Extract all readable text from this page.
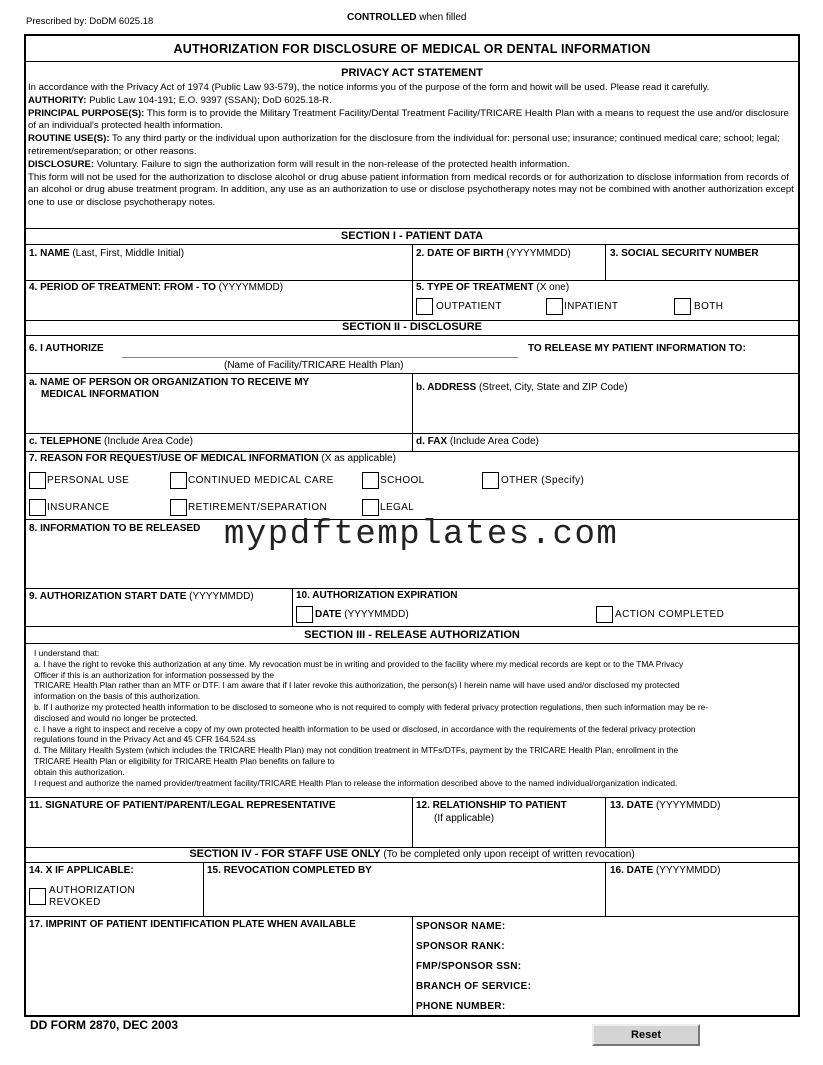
Prescribed by: DoDM 6025.18	CONTROLLED when filled
AUTHORIZATION FOR DISCLOSURE OF MEDICAL OR DENTAL INFORMATION
PRIVACY ACT STATEMENT

In accordance with the Privacy Act of 1974 (Public Law 93-579), the notice informs you of the purpose of the form and howit will be used. Please read it carefully.

AUTHORITY: Public Law 104-191; E.O. 9397 (SSAN); DoD 6025.18-R.

PRINCIPAL PURPOSE(S): This form is to provide the Military Treatment Facility/Dental Treatment Facility/TRICARE Health Plan with a means to request the use and/or disclosure of an individual's protected health information.

ROUTINE USE(S): To any third party or the individual upon authorization for the disclosure from the individual for: personal use; insurance; continued medical care; school; legal; retirement/separation; or other reasons.

DISCLOSURE: Voluntary. Failure to sign the authorization form will result in the non-release of the protected health information.

This form will not be used for the authorization to disclose alcohol or drug abuse patient information from medical records or for authorization to disclose information from records of an alcohol or drug abuse treatment program. In addition, any use as an authorization to use or disclose psychotherapy notes may not be combined with another authorization except one to use or disclose psychotherapy notes.

SECTION I - PATIENT DATA
1. NAME (Last, First, Middle Initial)	2. DATE OF BIRTH (YYYYMMDD)	3. SOCIAL SECURITY NUMBER
4. PERIOD OF TREATMENT: FROM - TO (YYYYMMDD)	5. TYPE OF TREATMENT (X one)
OUTPATIENT	INPATIENT	BOTH
SECTION II - DISCLOSURE
6. I AUTHORIZE	TO RELEASE MY PATIENT INFORMATION TO:
(Name of Facility/TRICARE Health Plan)
a. NAME OF PERSON OR ORGANIZATION TO RECEIVE MY
MEDICAL INFORMATION
b. ADDRESS (Street, City, State and ZIP Code)
c. TELEPHONE (Include Area Code)	d. FAX (Include Area Code)
7. REASON FOR REQUEST/USE OF MEDICAL INFORMATION (X as applicable)
PERSONAL USE	CONTINUED MEDICAL CARE	SCHOOL	OTHER (Specify)
INSURANCE	RETIREMENT/SEPARATION	LEGAL
8. INFORMATION TO BE RELEASED mypdftemplates.com
9. AUTHORIZATION START DATE (YYYYMMDD)	10. AUTHORIZATION EXPIRATION
DATE (YYYYMMDD)	ACTION COMPLETED
SECTION III - RELEASE AUTHORIZATION

I understand that:

a. I have the right to revoke this authorization at any time. My revocation must be in writing and provided to the facility where my medical records are kept or to the TMA Privacy

Officer if this is an authorization for information possessed by the

TRICARE Health Plan rather than an MTF or DTF. I am aware that if I later revoke this authorization, the person(s) I herein name will have used and/or disclosed my protected

information on the basis of this authorization.

b. If I authorize my protected health information to be disclosed to someone who is not required to comply with federal privacy protection regulations, then such information may be re-

disclosed and would no longer be protected.

c. I have a right to inspect and receive a copy of my own protected health information to be used or disclosed, in accordance with the requirements of the federal privacy protection

regulations found in the Privacy Act and 45 CFR 164.524.ss

d. The Military Health System (which includes the TRICARE Health Plan) may not condition treatment in MTFs/DTFs, payment by the TRICARE Health Plan, enrollment in the

TRICARE Health Plan or eligibility for TRICARE Health Plan benefits on failure to

obtain this authorization.

I request and authorize the named provider/treatment facility/TRICARE Health Plan to release the information described above to the named individual/organization indicated.

11. SIGNATURE OF PATIENT/PARENT/LEGAL REPRESENTATIVE	12. RELATIONSHIP TO PATIENT
(If applicable)
13. DATE (YYYYMMDD)
SECTION IV - FOR STAFF USE ONLY (To be completed only upon receipt of written revocation)
14. X IF APPLICABLE:
AUTHORIZATION
REVOKED
15. REVOCATION COMPLETED BY	16. DATE (YYYYMMDD)
17. IMPRINT OF PATIENT IDENTIFICATION PLATE WHEN AVAILABLE	SPONSOR NAME:
SPONSOR RANK:
FMP/SPONSOR SSN:
BRANCH OF SERVICE:
PHONE NUMBER:
DD FORM 2870, DEC 2003
Reset
